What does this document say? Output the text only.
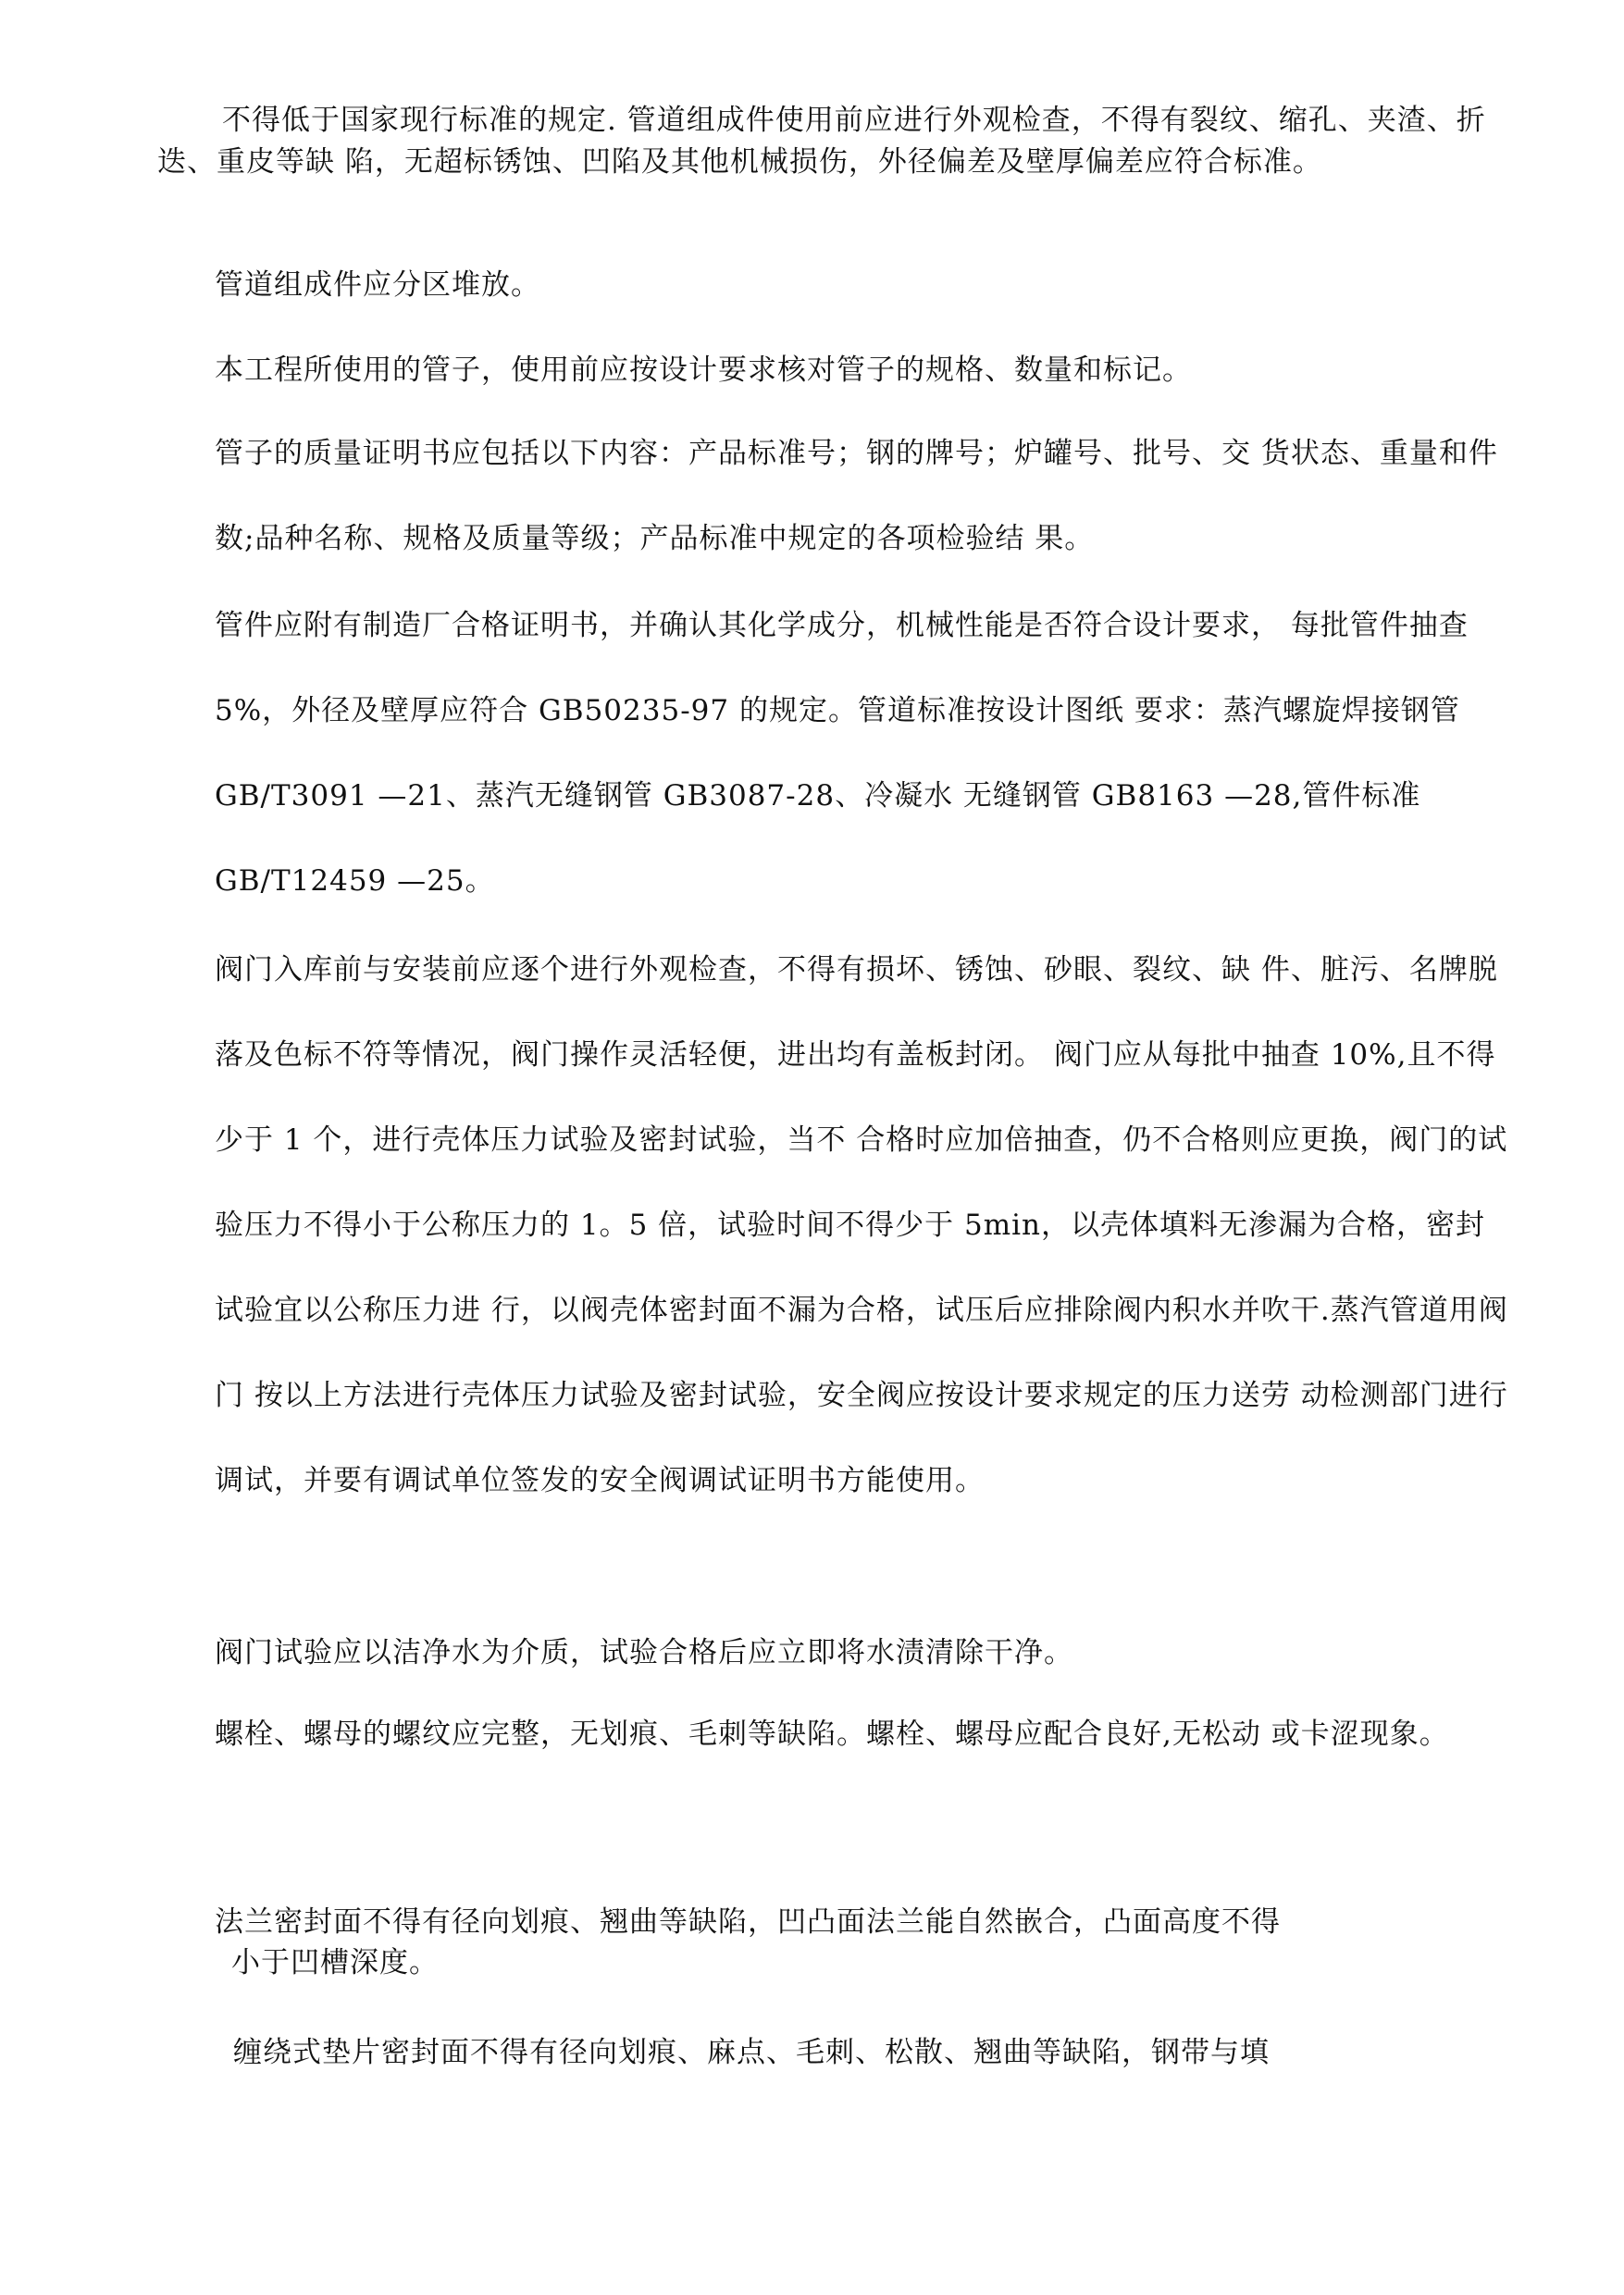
不得低于国家现行标准的规定. 管道组成件使用前应进行外观检查，不得有裂纹、缩孔、夹渣、折迭、重皮等缺 陷，无超标锈蚀、凹陷及其他机械损伤，外径偏差及壁厚偏差应符合标准。

管道组成件应分区堆放。

本工程所使用的管子，使用前应按设计要求核对管子的规格、数量和标记。

管子的质量证明书应包括以下内容：产品标准号；钢的牌号；炉罐号、批号、交 货状态、重量和件数;品种名称、规格及质量等级；产品标准中规定的各项检验结 果。

管件应附有制造厂合格证明书，并确认其化学成分，机械性能是否符合设计要求， 每批管件抽查 5%，外径及壁厚应符合 GB50235-97 的规定。管道标准按设计图纸 要求：蒸汽螺旋焊接钢管 GB/T3091 —21、蒸汽无缝钢管 GB3087-28、冷凝水 无缝钢管 GB8163 —28,管件标准 GB/T12459 —25。

阀门入库前与安装前应逐个进行外观检查，不得有损坏、锈蚀、砂眼、裂纹、缺 件、脏污、名牌脱落及色标不符等情况，阀门操作灵活轻便，进出均有盖板封闭。 阀门应从每批中抽查 10%,且不得少于 1 个，进行壳体压力试验及密封试验，当不 合格时应加倍抽查，仍不合格则应更换，阀门的试验压力不得小于公称压力的 1。5 倍，试验时间不得少于 5min，以壳体填料无渗漏为合格，密封试验宜以公称压力进 行，以阀壳体密封面不漏为合格，试压后应排除阀内积水并吹干.蒸汽管道用阀门 按以上方法进行壳体压力试验及密封试验，安全阀应按设计要求规定的压力送劳 动检测部门进行调试，并要有调试单位签发的安全阀调试证明书方能使用。

阀门试验应以洁净水为介质，试验合格后应立即将水渍清除干净。

螺栓、螺母的螺纹应完整，无划痕、毛刺等缺陷。螺栓、螺母应配合良好,无松动 或卡涩现象。

法兰密封面不得有径向划痕、翘曲等缺陷，凹凸面法兰能自然嵌合，凸面高度不得
小于凹槽深度。

缠绕式垫片密封面不得有径向划痕、麻点、毛刺、松散、翘曲等缺陷，钢带与填
